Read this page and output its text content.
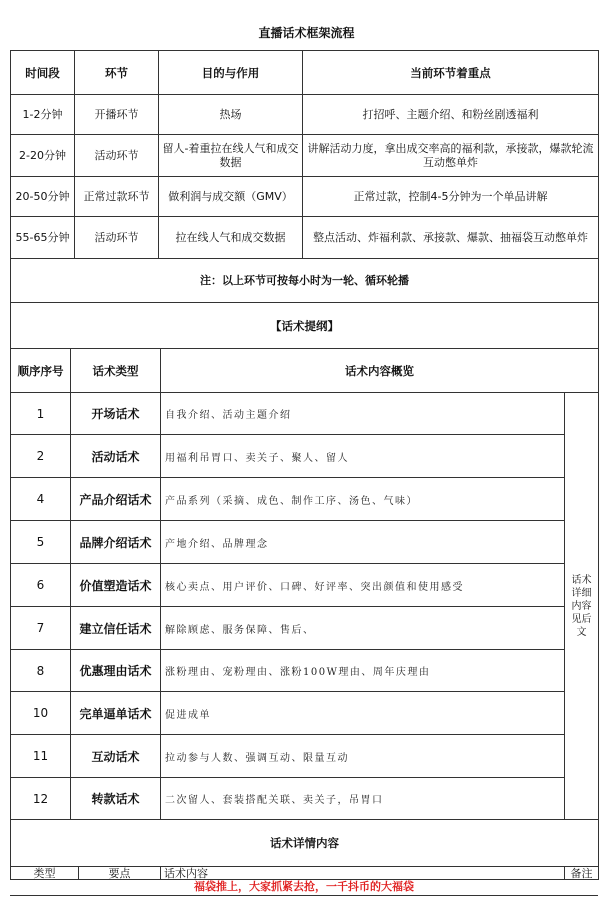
直播话术框架流程
时间段	环节	目的与作用	当前环节着重点
1-2分钟	开播环节	热场	打招呼、主题介绍、和粉丝剧透福利
2-20分钟	活动环节	留人-着重拉在线人气和成交数据	讲解活动力度，拿出成交率高的福利款，承接款，爆款轮流互动憋单炸
20-50分钟	正常过款环节	做利润与成交额（GMV）	正常过款，控制4-5分钟为一个单品讲解
55-65分钟	活动环节	拉在线人气和成交数据	整点活动、炸福利款、承接款、爆款、抽福袋互动憋单炸
注：以上环节可按每小时为一轮、循环轮播			
【话术提纲】			
顺序序号	话术类型	话术内容概览	
1	开场话术	自我介绍、活动主题介绍	话术详细内容见后文
2	活动话术	用福利吊胃口、卖关子、聚人、留人	
4	产品介绍话术	产品系列（采摘、成色、制作工序、汤色、气味）	
5	品牌介绍话术	产地介绍、品牌理念	
6	价值塑造话术	核心卖点、用户评价、口碑、好评率、突出颜值和使用感受	
7	建立信任话术	解除顾虑、服务保障、售后、	
8	优惠理由话术	涨粉理由、宠粉理由、涨粉100W理由、周年庆理由	
10	完单逼单话术	促进成单	
11	互动话术	拉动参与人数、强调互动、限量互动	
12	转款话术	二次留人、套装搭配关联、卖关子，吊胃口	
话术详情内容
类型	要点	话术内容	备注
福袋推上，大家抓紧去抢，一千抖币的大福袋
